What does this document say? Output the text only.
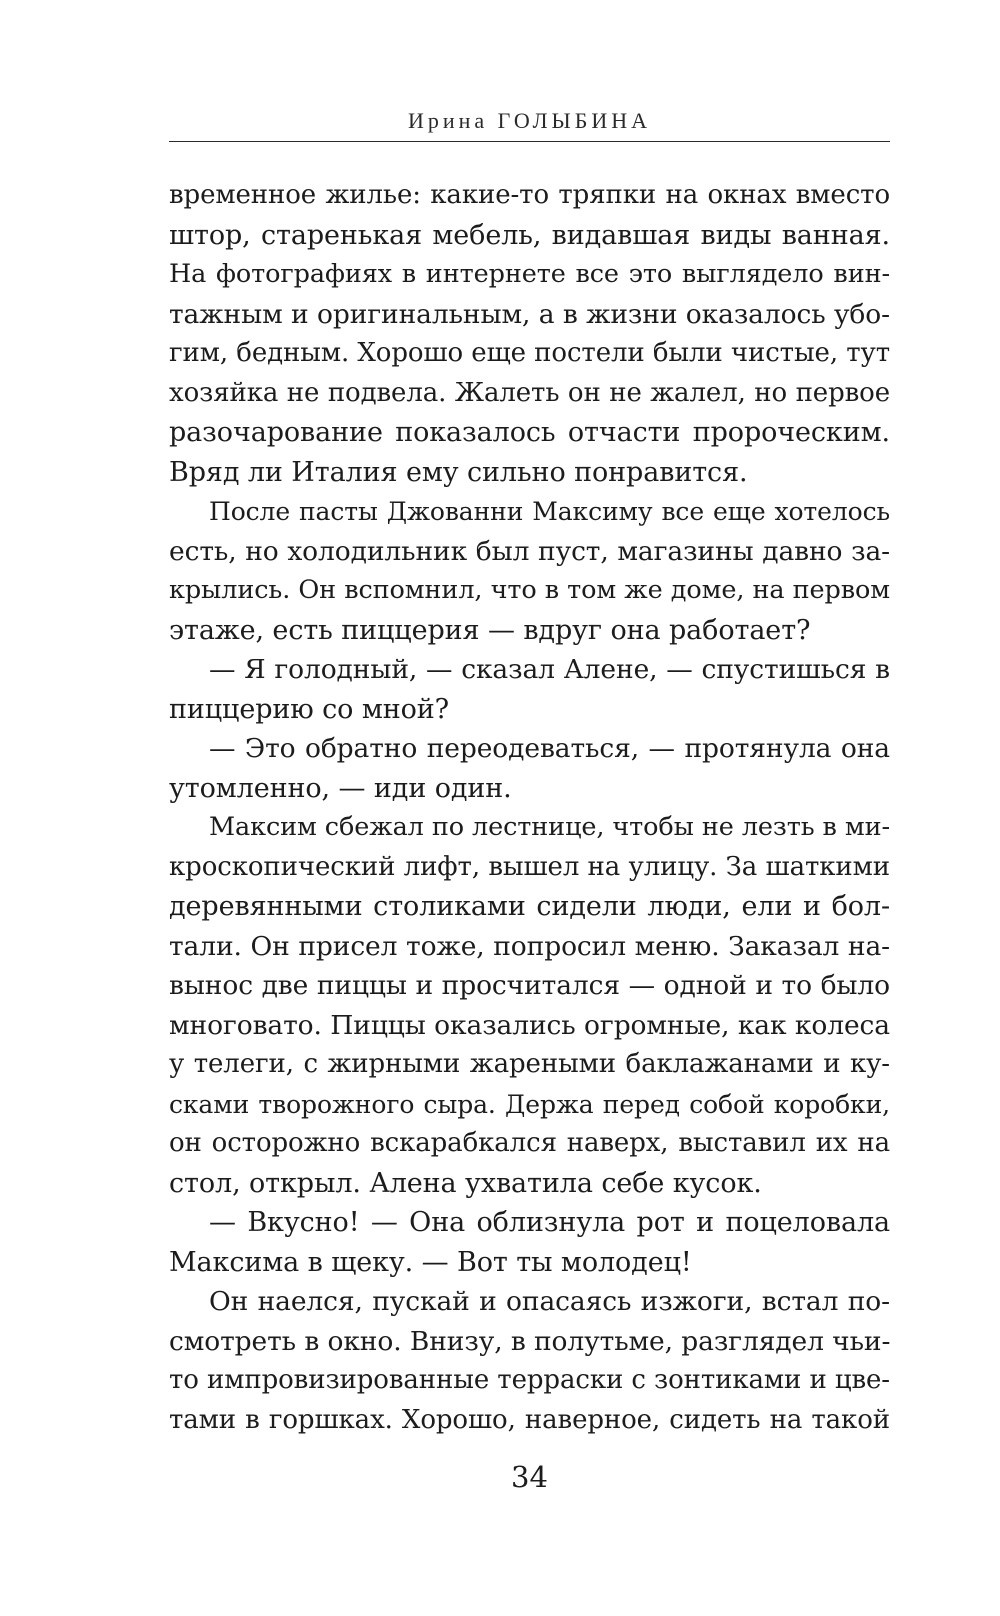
Ирина ГОЛЫБИНА
временное жилье: какие-то тряпки на окнах вместо
штор, старенькая мебель, видавшая виды ванная.
На фотографиях в интернете все это выглядело вин-
тажным и оригинальным, а в жизни оказалось убо-
гим, бедным. Хорошо еще постели были чистые, тут
хозяйка не подвела. Жалеть он не жалел, но первое
разочарование показалось отчасти пророческим.
Вряд ли Италия ему сильно понравится.
После пасты Джованни Максиму все еще хотелось
есть, но холодильник был пуст, магазины давно за-
крылись. Он вспомнил, что в том же доме, на первом
этаже, есть пиццерия — вдруг она работает?
— Я голодный, — сказал Алене, — спустишься в
пиццерию со мной?
— Это обратно переодеваться, — протянула она
утомленно, — иди один.
Максим сбежал по лестнице, чтобы не лезть в ми-
кроскопический лифт, вышел на улицу. За шаткими
деревянными столиками сидели люди, ели и бол-
тали. Он присел тоже, попросил меню. Заказал на-
вынос две пиццы и просчитался — одной и то было
многовато. Пиццы оказались огромные, как колеса
у телеги, с жирными жареными баклажанами и ку-
сками творожного сыра. Держа перед собой коробки,
он осторожно вскарабкался наверх, выставил их на
стол, открыл. Алена ухватила себе кусок.
— Вкусно! — Она облизнула рот и поцеловала
Максима в щеку. — Вот ты молодец!
Он наелся, пускай и опасаясь изжоги, встал по-
смотреть в окно. Внизу, в полутьме, разглядел чьи-
то импровизированные терраски с зонтиками и цве-
тами в горшках. Хорошо, наверное, сидеть на такой
34
